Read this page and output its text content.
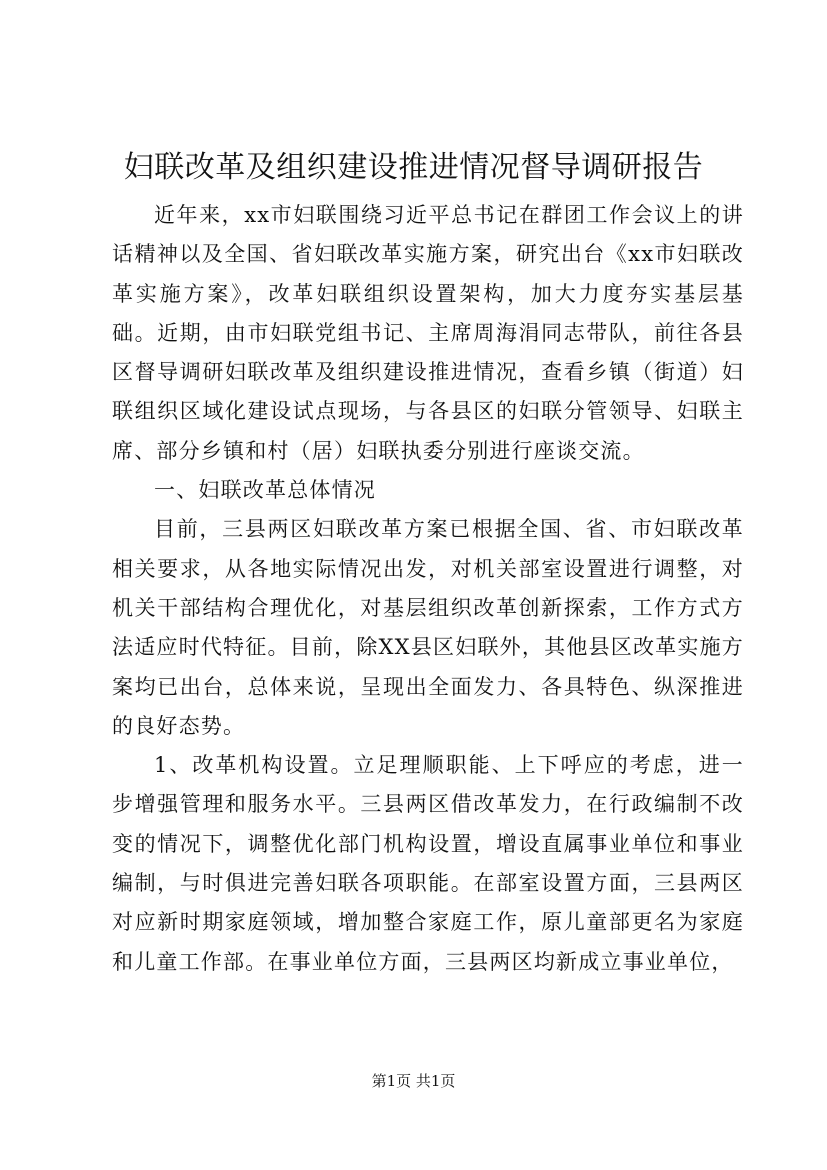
妇联改革及组织建设推进情况督导调研报告

近年来，xx市妇联围绕习近平总书记在群团工作会议上的讲话精神以及全国、省妇联改革实施方案，研究出台《xx市妇联改革实施方案》，改革妇联组织设置架构，加大力度夯实基层基础。近期，由市妇联党组书记、主席周海涓同志带队，前往各县区督导调研妇联改革及组织建设推进情况，查看乡镇（街道）妇联组织区域化建设试点现场，与各县区的妇联分管领导、妇联主席、部分乡镇和村（居）妇联执委分别进行座谈交流。

一、妇联改革总体情况

目前，三县两区妇联改革方案已根据全国、省、市妇联改革相关要求，从各地实际情况出发，对机关部室设置进行调整，对机关干部结构合理优化，对基层组织改革创新探索，工作方式方法适应时代特征。目前，除XX县区妇联外，其他县区改革实施方案均已出台，总体来说，呈现出全面发力、各具特色、纵深推进的良好态势。

1、改革机构设置。立足理顺职能、上下呼应的考虑，进一步增强管理和服务水平。三县两区借改革发力，在行政编制不改变的情况下，调整优化部门机构设置，增设直属事业单位和事业编制，与时俱进完善妇联各项职能。在部室设置方面，三县两区对应新时期家庭领域，增加整合家庭工作，原儿童部更名为家庭和儿童工作部。在事业单位方面，三县两区均新成立事业单位，

第1页 共1页
